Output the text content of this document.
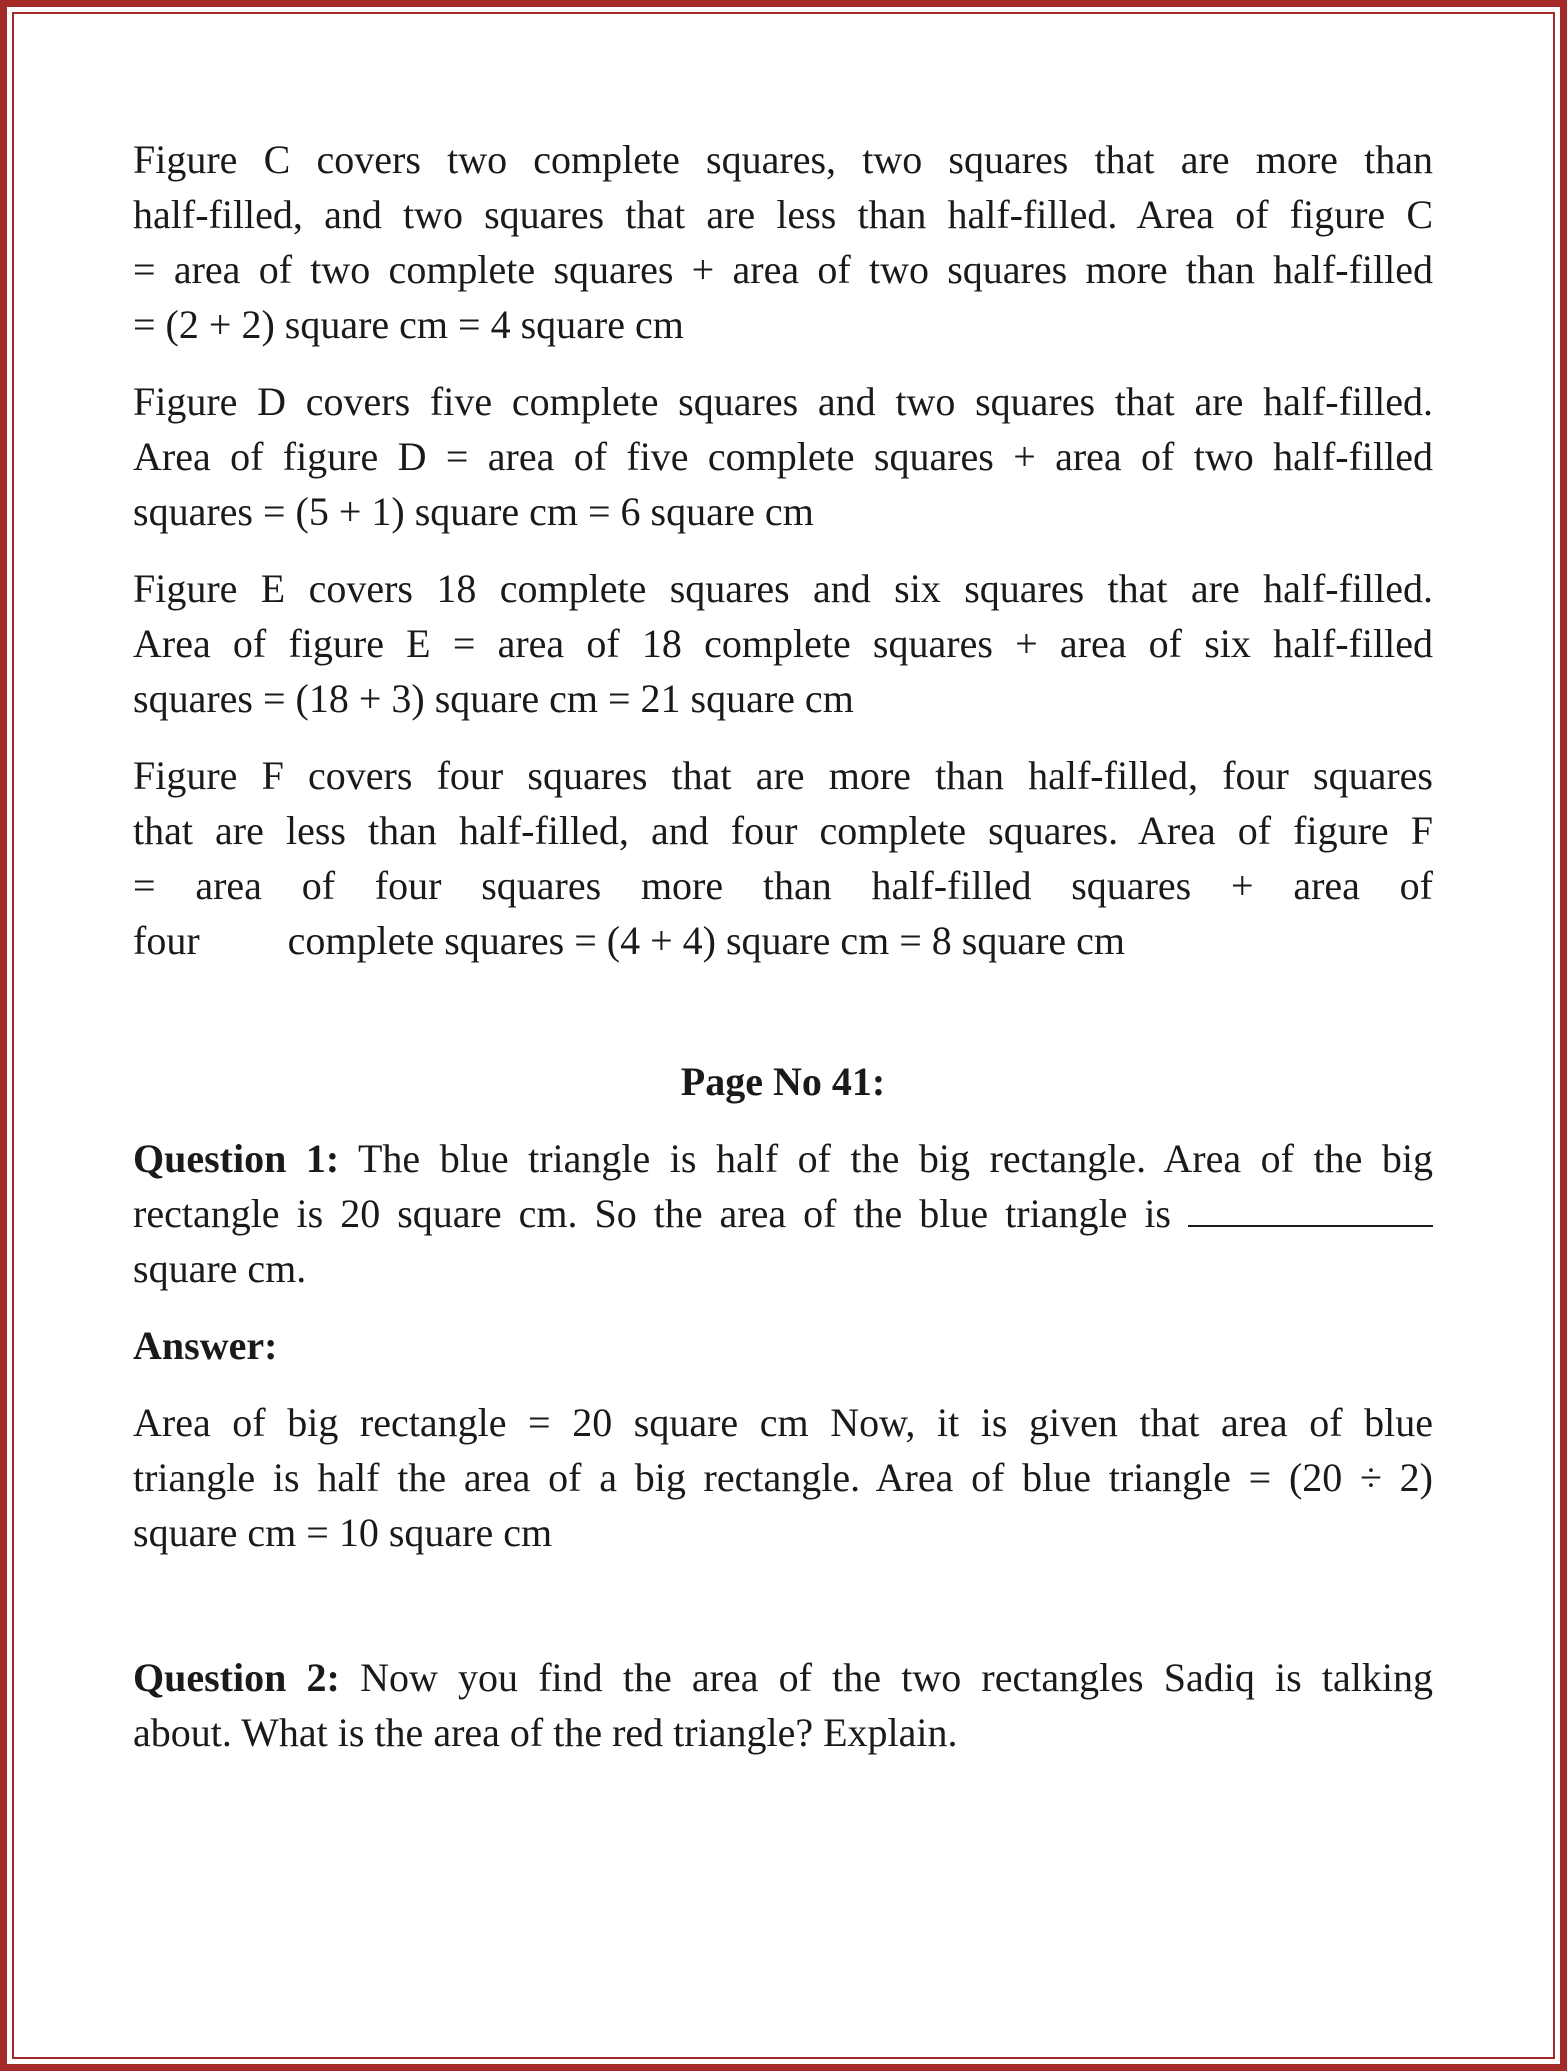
Figure C covers two complete squares, two squares that are more than
half-filled, and two squares that are less than half-filled. Area of figure C
= area of two complete squares + area of two squares more than half-filled
= (2 + 2) square cm = 4 square cm

Figure D covers five complete squares and two squares that are half-filled.
Area of figure D = area of five complete squares + area of two half-filled
squares = (5 + 1) square cm = 6 square cm

Figure E covers 18 complete squares and six squares that are half-filled.
Area of figure E = area of 18 complete squares + area of six half-filled
squares = (18 + 3) square cm = 21 square cm

Figure F covers four squares that are more than half-filled, four squares
that are less than half-filled, and four complete squares. Area of figure F
= area of four squares more than half-filled squares + area of
four complete squares = (4 + 4) square cm = 8 square cm

Page No 41:

Question 1: The blue triangle is half of the big rectangle. Area of the big
rectangle is 20 square cm. So the area of the blue triangle is
square cm.

Answer:

Area of big rectangle = 20 square cm Now, it is given that area of blue
triangle is half the area of a big rectangle. Area of blue triangle = (20 ÷ 2)
square cm = 10 square cm

Question 2: Now you find the area of the two rectangles Sadiq is talking
about. What is the area of the red triangle? Explain.
